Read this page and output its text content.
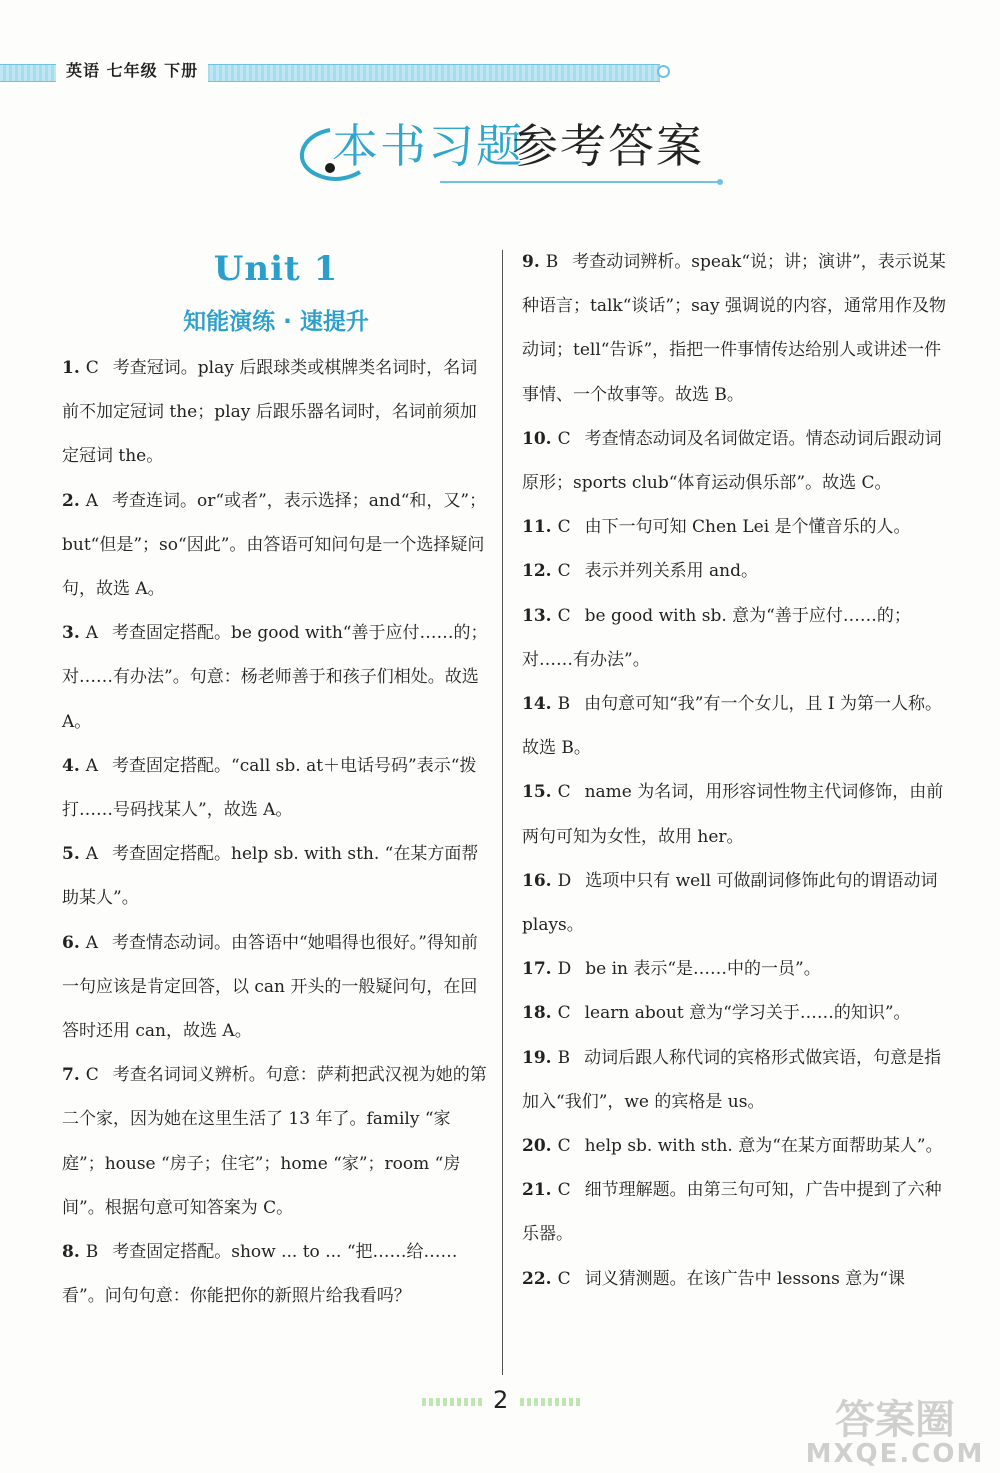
英语 七年级 下册
本书习题
参考答案
Unit 1
知能演练 · 速提升

1. C 考查冠词。play 后跟球类或棋牌类名词时，名词前不加定冠词 the；play 后跟乐器名词时，名词前须加定冠词 the。

2. A 考查连词。or“或者”，表示选择；and“和，又”；but“但是”；so“因此”。由答语可知问句是一个选择疑问句，故选 A。

3. A 考查固定搭配。be good with“善于应付……的；对……有办法”。句意：杨老师善于和孩子们相处。故选 A。

4. A 考查固定搭配。“call sb. at＋电话号码”表示“拨打……号码找某人”，故选 A。

5. A 考查固定搭配。help sb. with sth. “在某方面帮助某人”。

6. A 考查情态动词。由答语中“她唱得也很好。”得知前一句应该是肯定回答，以 can 开头的一般疑问句，在回答时还用 can，故选 A。

7. C 考查名词词义辨析。句意：萨莉把武汉视为她的第二个家，因为她在这里生活了 13 年了。family “家庭”；house “房子；住宅”；home “家”；room “房间”。根据句意可知答案为 C。

8. B 考查固定搭配。show ... to ... “把……给……看”。问句句意：你能把你的新照片给我看吗？

9. B 考查动词辨析。speak“说；讲；演讲”，表示说某种语言；talk“谈话”；say 强调说的内容，通常用作及物动词；tell“告诉”，指把一件事情传达给别人或讲述一件事情、一个故事等。故选 B。

10. C 考查情态动词及名词做定语。情态动词后跟动词原形；sports club“体育运动俱乐部”。故选 C。

11. C 由下一句可知 Chen Lei 是个懂音乐的人。

12. C 表示并列关系用 and。

13. C be good with sb. 意为“善于应付……的；对……有办法”。

14. B 由句意可知“我”有一个女儿，且 I 为第一人称。故选 B。

15. C name 为名词，用形容词性物主代词修饰，由前两句可知为女性，故用 her。

16. D 选项中只有 well 可做副词修饰此句的谓语动词 plays。

17. D be in 表示“是……中的一员”。

18. C learn about 意为“学习关于……的知识”。

19. B 动词后跟人称代词的宾格形式做宾语，句意是指加入“我们”，we 的宾格是 us。

20. C help sb. with sth. 意为“在某方面帮助某人”。

21. C 细节理解题。由第三句可知，广告中提到了六种乐器。

22. C 词义猜测题。在该广告中 lessons 意为“课

2	答案圈
MXQE.COM
